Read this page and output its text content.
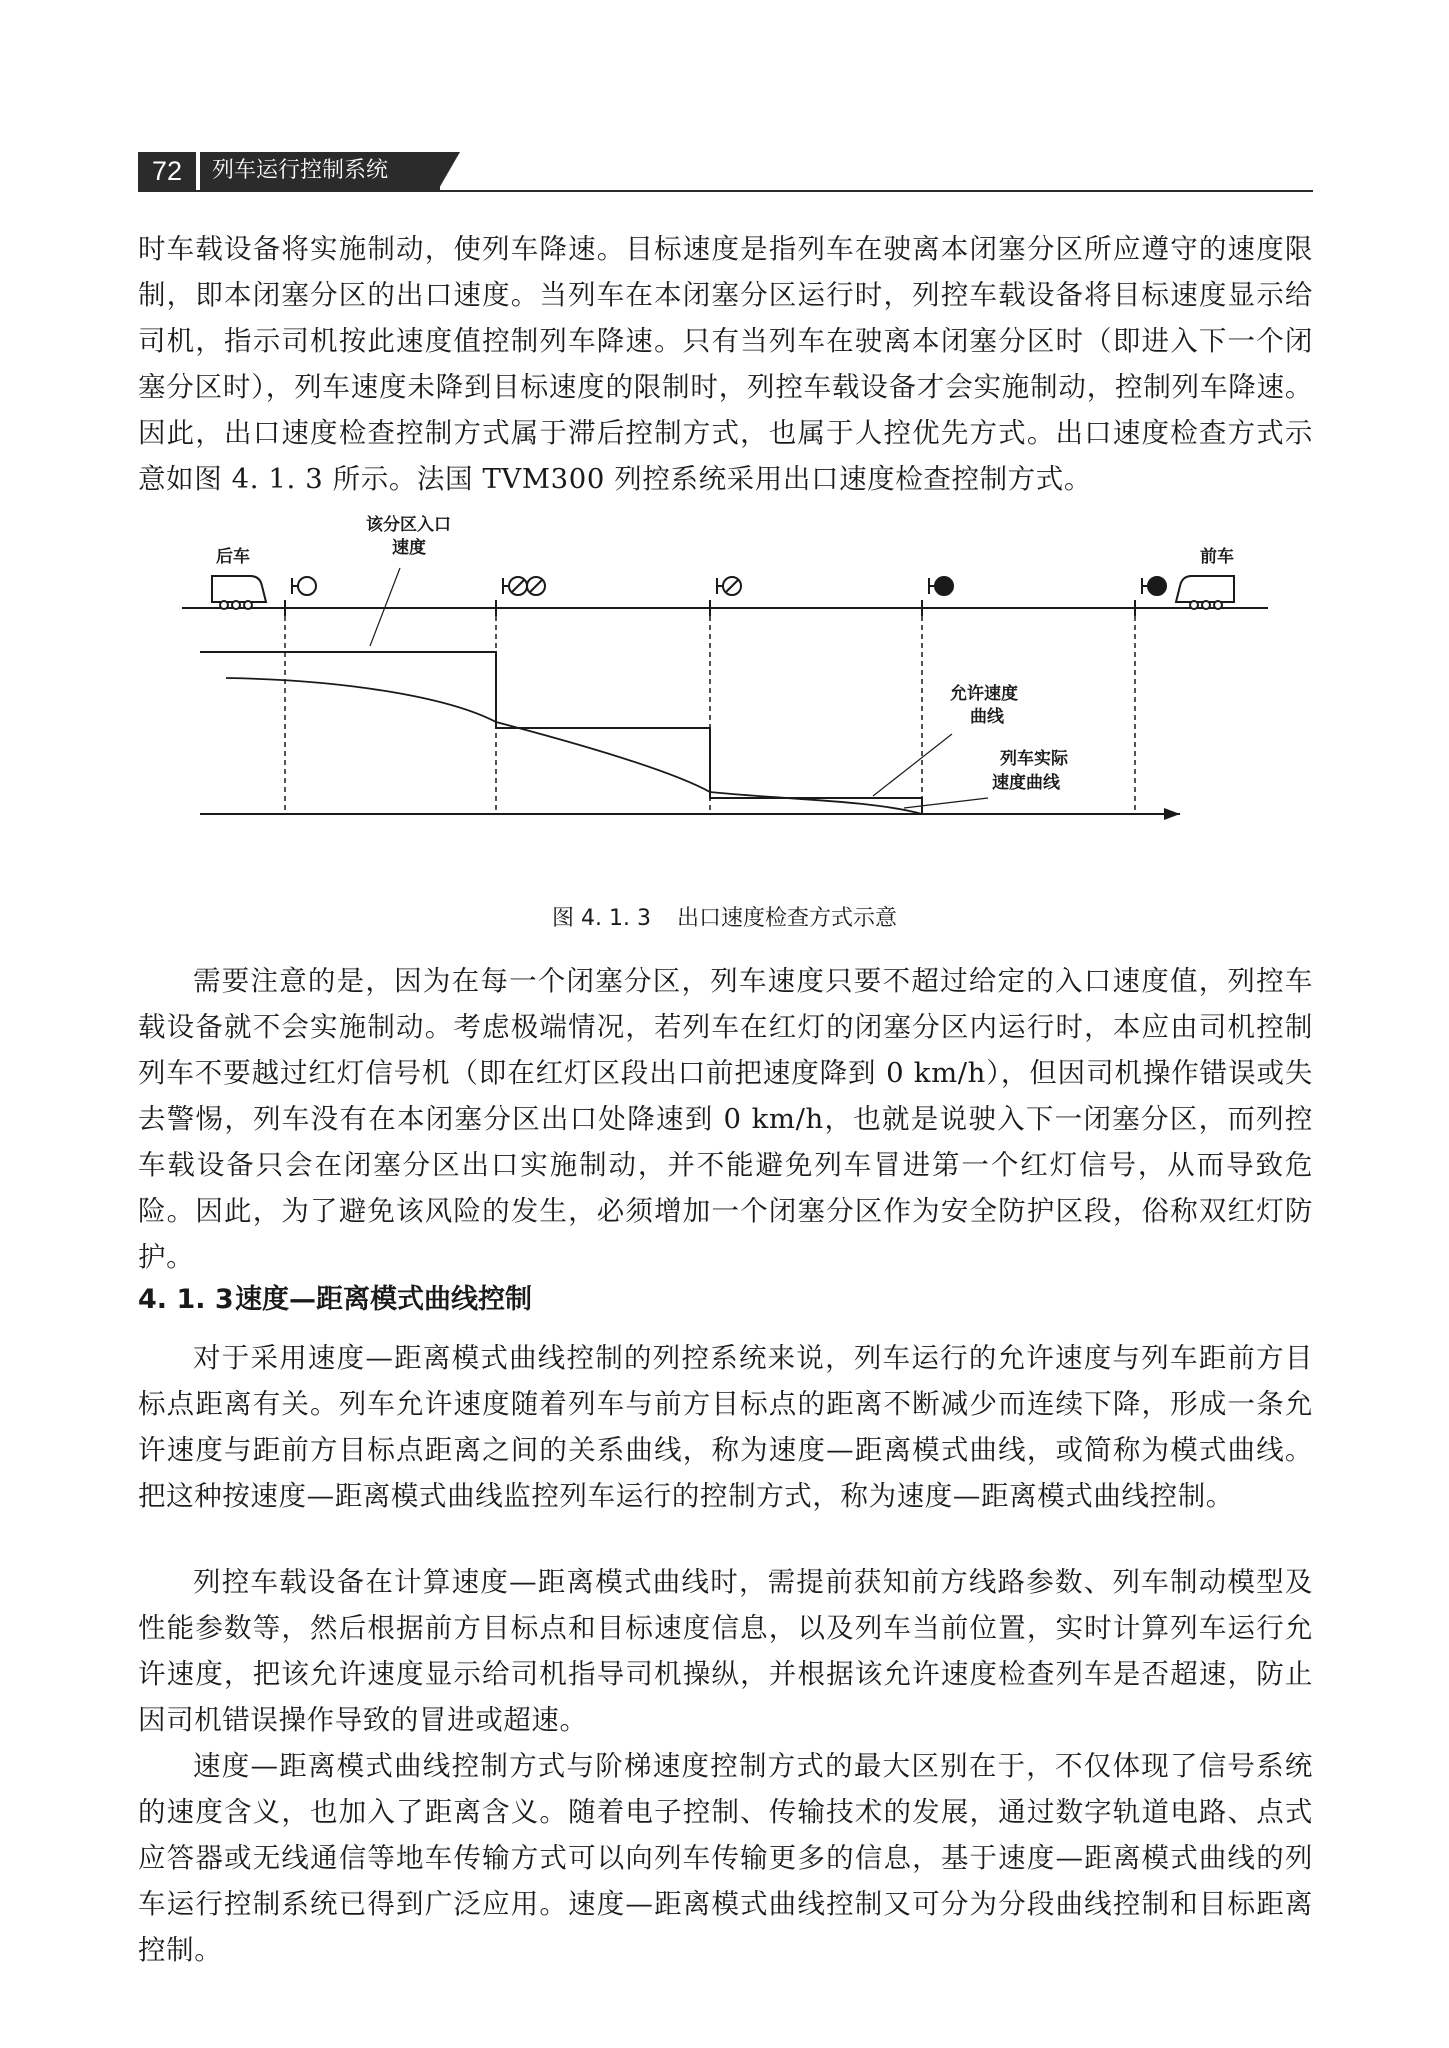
72	列车运行控制系统

时车载设备将实施制动，使列车降速。目标速度是指列车在驶离本闭塞分区所应遵守的速度限制，即本闭塞分区的出口速度。当列车在本闭塞分区运行时，列控车载设备将目标速度显示给司机，指示司机按此速度值控制列车降速。只有当列车在驶离本闭塞分区时（即进入下一个闭塞分区时），列车速度未降到目标速度的限制时，列控车载设备才会实施制动，控制列车降速。因此，出口速度检查控制方式属于滞后控制方式，也属于人控优先方式。出口速度检查方式示意如图 4. 1. 3 所示。法国 TVM300 列控系统采用出口速度检查控制方式。

后车	前车
该分区入口
速度
允许速度
曲线
列车实际
速度曲线

图 4. 1. 3 出口速度检查方式示意

需要注意的是，因为在每一个闭塞分区，列车速度只要不超过给定的入口速度值，列控车载设备就不会实施制动。考虑极端情况，若列车在红灯的闭塞分区内运行时，本应由司机控制列车不要越过红灯信号机（即在红灯区段出口前把速度降到 0 km/h），但因司机操作错误或失去警惕，列车没有在本闭塞分区出口处降速到 0 km/h，也就是说驶入下一闭塞分区，而列控车载设备只会在闭塞分区出口实施制动，并不能避免列车冒进第一个红灯信号，从而导致危险。因此，为了避免该风险的发生，必须增加一个闭塞分区作为安全防护区段，俗称双红灯防护。

4. 1. 3速度—距离模式曲线控制

对于采用速度—距离模式曲线控制的列控系统来说，列车运行的允许速度与列车距前方目标点距离有关。列车允许速度随着列车与前方目标点的距离不断减少而连续下降，形成一条允许速度与距前方目标点距离之间的关系曲线，称为速度—距离模式曲线，或简称为模式曲线。把这种按速度—距离模式曲线监控列车运行的控制方式，称为速度—距离模式曲线控制。

列控车载设备在计算速度—距离模式曲线时，需提前获知前方线路参数、列车制动模型及性能参数等，然后根据前方目标点和目标速度信息，以及列车当前位置，实时计算列车运行允许速度，把该允许速度显示给司机指导司机操纵，并根据该允许速度检查列车是否超速，防止因司机错误操作导致的冒进或超速。

速度—距离模式曲线控制方式与阶梯速度控制方式的最大区别在于，不仅体现了信号系统的速度含义，也加入了距离含义。随着电子控制、传输技术的发展，通过数字轨道电路、点式应答器或无线通信等地车传输方式可以向列车传输更多的信息，基于速度—距离模式曲线的列车运行控制系统已得到广泛应用。速度—距离模式曲线控制又可分为分段曲线控制和目标距离控制。
